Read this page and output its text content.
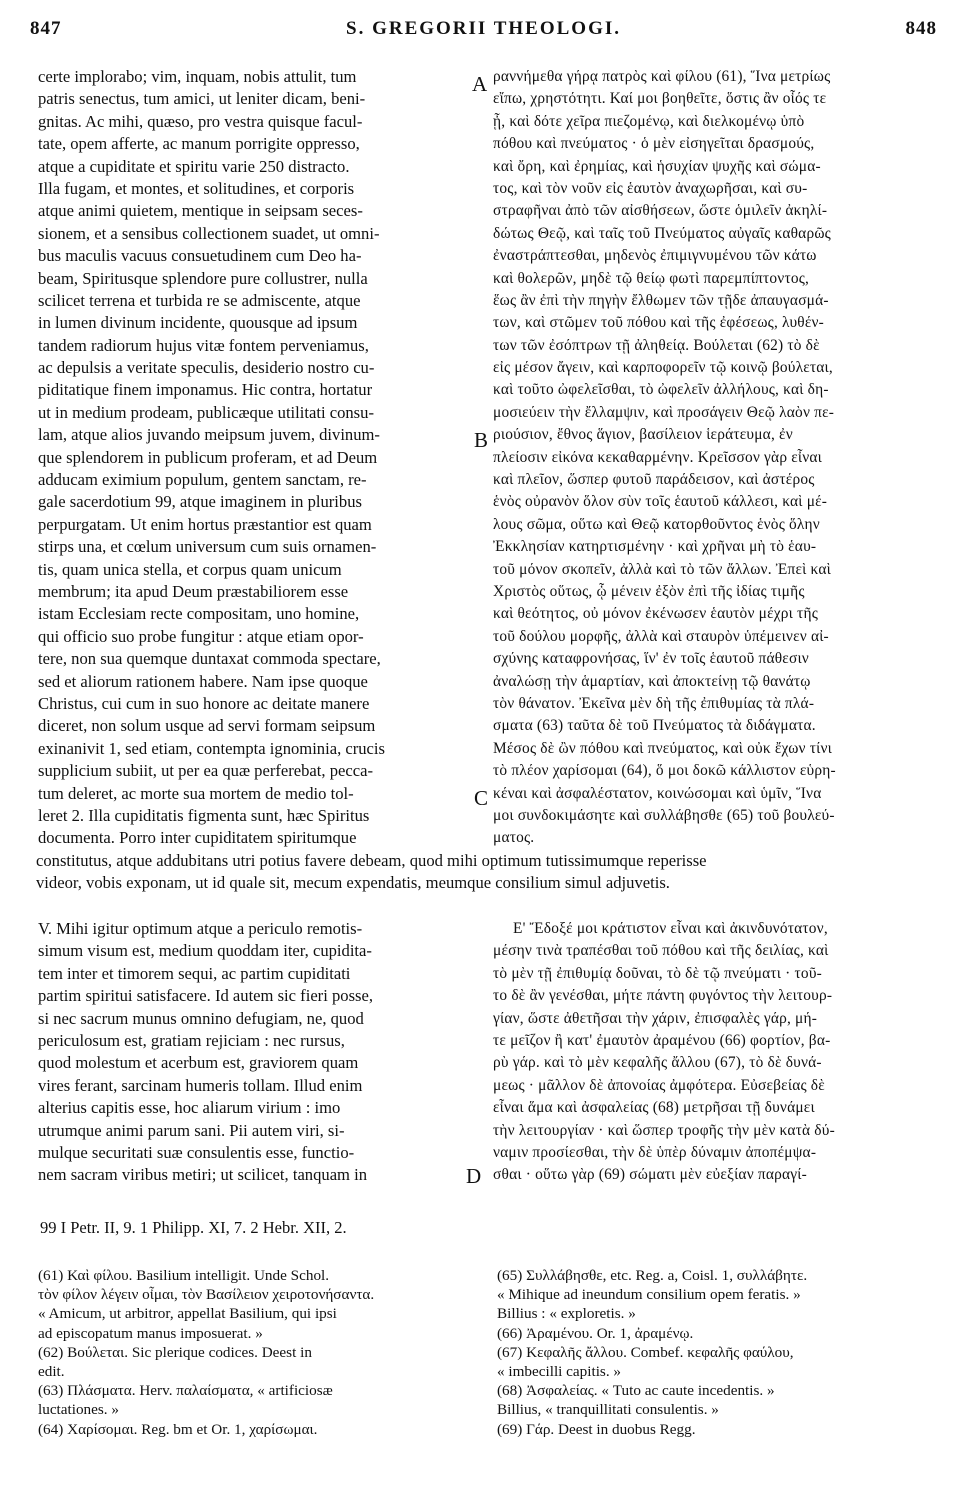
847	S. GREGORII THEOLOGI.	848
certe implorabo; vim, inquam, nobis attulit, tum
patris senectus, tum amici, ut leniter dicam, beni-
gnitas. Ac mihi, quæso, pro vestra quisque facul-
tate, opem afferte, ac manum porrigite oppresso,
atque a cupiditate et spiritu varie 250 distracto.
Illa fugam, et montes, et solitudines, et corporis
atque animi quietem, mentique in seipsam seces-
sionem, et a sensibus collectionem suadet, ut omni-
bus maculis vacuus consuetudinem cum Deo ha-
beam, Spiritusque splendore pure collustrer, nulla
scilicet terrena et turbida re se admiscente, atque
in lumen divinum incidente, quousque ad ipsum
tandem radiorum hujus vitæ fontem perveniamus,
ac depulsis a veritate speculis, desiderio nostro cu-
piditatique finem imponamus. Hic contra, hortatur
ut in medium prodeam, publicæque utilitati consu-
lam, atque alios juvando meipsum juvem, divinum-
que splendorem in publicum proferam, et ad Deum
adducam eximium populum, gentem sanctam, re-
gale sacerdotium 99, atque imaginem in pluribus
perpurgatam. Ut enim hortus præstantior est quam
stirps una, et cœlum universum cum suis ornamen-
tis, quam unica stella, et corpus quam unicum
membrum; ita apud Deum præstabiliorem esse
istam Ecclesiam recte compositam, uno homine,
qui officio suo probe fungitur : atque etiam opor-
tere, non sua quemque duntaxat commoda spectare,
sed et aliorum rationem habere. Nam ipse quoque
Christus, cui cum in suo honore ac deitate manere
diceret, non solum usque ad servi formam seipsum
exinanivit 1, sed etiam, contempta ignominia, crucis
supplicium subiit, ut per ea quæ perferebat, pecca-
tum deleret, ac morte sua mortem de medio tol-
leret 2. Illa cupiditatis figmenta sunt, hæc Spiritus
documenta. Porro inter cupiditatem spiritumque
ραννήμεθα γήρᾳ πατρὸς καὶ φίλου (61), Ἵνα μετρίως
εἴπω, χρηστότητι. Καί μοι βοηθεῖτε, ὅστις ἂν οἷός τε
ᾖ, καὶ δότε χεῖρα πιεζομένῳ, καὶ διελκομένῳ ὑπὸ
πόθου καὶ πνεύματος · ὁ μὲν εἰσηγεῖται δρασμούς,
καὶ ὄρη, καὶ ἐρημίας, καὶ ἡσυχίαν ψυχῆς καὶ σώμα-
τος, καὶ τὸν νοῦν εἰς ἑαυτὸν ἀναχωρῆσαι, καὶ συ-
στραφῆναι ἀπὸ τῶν αἰσθήσεων, ὥστε ὁμιλεῖν ἀκηλί-
δώτως Θεῷ, καὶ ταῖς τοῦ Πνεύματος αὐγαῖς καθαρῶς
ἐναστράπτεσθαι, μηδενὸς ἐπιμιγνυμένου τῶν κάτω
καὶ θολερῶν, μηδὲ τῷ θείῳ φωτὶ παρεμπίπτοντος,
ἕως ἂν ἐπὶ τὴν πηγὴν ἔλθωμεν τῶν τῇδε ἀπαυγασμά-
των, καὶ στῶμεν τοῦ πόθου καὶ τῆς ἐφέσεως, λυθέν-
των τῶν ἐσόπτρων τῇ ἀληθείᾳ. Βούλεται (62) τὸ δὲ
εἰς μέσον ἄγειν, καὶ καρποφορεῖν τῷ κοινῷ βούλεται,
καὶ τοῦτο ὠφελεῖσθαι, τὸ ὠφελεῖν ἀλλήλους, καὶ δη-
μοσιεύειν τὴν ἔλλαμψιν, καὶ προσάγειν Θεῷ λαὸν πε-
ριούσιον, ἔθνος ἅγιον, βασίλειον ἱεράτευμα, ἐν
πλείοσιν εἰκόνα κεκαθαρμένην. Κρεῖσσον γὰρ εἶναι
καὶ πλεῖον, ὥσπερ φυτοῦ παράδεισον, καὶ ἀστέρος
ἑνὸς οὐρανὸν ὅλον σὺν τοῖς ἑαυτοῦ κάλλεσι, καὶ μέ-
λους σῶμα, οὕτω καὶ Θεῷ κατορθοῦντος ἑνὸς ὅλην
Ἐκκλησίαν κατηρτισμένην · καὶ χρῆναι μὴ τὸ ἑαυ-
τοῦ μόνον σκοπεῖν, ἀλλὰ καὶ τὸ τῶν ἄλλων. Ἐπεὶ καὶ
Χριστὸς οὕτως, ᾧ μένειν ἐξὸν ἐπὶ τῆς ἰδίας τιμῆς
καὶ θεότητος, οὐ μόνον ἐκένωσεν ἑαυτὸν μέχρι τῆς
τοῦ δούλου μορφῆς, ἀλλὰ καὶ σταυρὸν ὑπέμεινεν αἰ-
σχύνης καταφρονήσας, ἵν' ἐν τοῖς ἑαυτοῦ πάθεσιν
ἀναλώσῃ τὴν ἁμαρτίαν, καὶ ἀποκτείνῃ τῷ θανάτῳ
τὸν θάνατον. Ἐκεῖνα μὲν δὴ τῆς ἐπιθυμίας τὰ πλά-
σματα (63) ταῦτα δὲ τοῦ Πνεύματος τὰ διδάγματα.
Μέσος δὲ ὢν πόθου καὶ πνεύματος, καὶ οὐκ ἔχων τίνι
τὸ πλέον χαρίσομαι (64), ὅ μοι δοκῶ κάλλιστον εὑρη-
κέναι καὶ ἀσφαλέστατον, κοινώσομαι καὶ ὑμῖν, Ἵνα
μοι συνδοκιμάσητε καὶ συλλάβησθε (65) τοῦ βουλεύ-
ματος.
A
B
C
D
constitutus, atque addubitans utri potius favere debeam, quod mihi optimum tutissimumque reperisse
videor, vobis exponam, ut id quale sit, mecum expendatis, meumque consilium simul adjuvetis.
V. Mihi igitur optimum atque a periculo remotis-
simum visum est, medium quoddam iter, cupidita-
tem inter et timorem sequi, ac partim cupiditati
partim spiritui satisfacere. Id autem sic fieri posse,
si nec sacrum munus omnino defugiam, ne, quod
periculosum est, gratiam rejiciam : nec rursus,
quod molestum et acerbum est, graviorem quam
vires ferant, sarcinam humeris tollam. Illud enim
alterius capitis esse, hoc aliarum virium : imo
utrumque animi parum sani. Pii autem viri, si-
mulque securitati suæ consulentis esse, functio-
nem sacram viribus metiri; ut scilicet, tanquam in
Ε' Ἔδοξέ μοι κράτιστον εἶναι καὶ ἀκινδυνότατον,
μέσην τινὰ τραπέσθαι τοῦ πόθου καὶ τῆς δειλίας, καὶ
τὸ μὲν τῇ ἐπιθυμίᾳ δοῦναι, τὸ δὲ τῷ πνεύματι · τοῦ-
το δὲ ἂν γενέσθαι, μήτε πάντη φυγόντος τὴν λειτουρ-
γίαν, ὥστε ἀθετῆσαι τὴν χάριν, ἐπισφαλὲς γάρ, μή-
τε μεῖζον ἢ κατ' ἐμαυτὸν ἀραμένου (66) φορτίον, βα-
ρὺ γάρ. καὶ τὸ μὲν κεφαλῆς ἄλλου (67), τὸ δὲ δυνά-
μεως · μᾶλλον δὲ ἀπονοίας ἀμφότερα. Εὐσεβείας δὲ
εἶναι ἅμα καὶ ἀσφαλείας (68) μετρῆσαι τῇ δυνάμει
τὴν λειτουργίαν · καὶ ὥσπερ τροφῆς τὴν μὲν κατὰ δύ-
ναμιν προσίεσθαι, τὴν δὲ ὑπὲρ δύναμιν ἀποπέμψα-
σθαι · οὕτω γὰρ (69) σώματι μὲν εὐεξίαν παραγί-
99 I Petr. II, 9. 1 Philipp. XI, 7. 2 Hebr. XII, 2.
(61) Καὶ φίλου. Basilium intelligit. Unde Schol.
τὸν φίλον λέγειν οἶμαι, τὸν Βασίλειον χειροτονήσαντα.
« Amicum, ut arbitror, appellat Basilium, qui ipsi
ad episcopatum manus imposuerat. »
(62) Βούλεται. Sic plerique codices. Deest in
edit.
(63) Πλάσματα. Herv. παλαίσματα, « artificiosæ
luctationes. »
(64) Χαρίσομαι. Reg. bm et Or. 1, χαρίσωμαι.
(65) Συλλάβησθε, etc. Reg. a, Coisl. 1, συλλάβητε.
« Mihique ad ineundum consilium opem feratis. »
Billius : « exploretis. »
(66) Ἀραμένου. Or. 1, ἀραμένῳ.
(67) Κεφαλῆς ἄλλου. Combef. κεφαλῆς φαύλου,
« imbecilli capitis. »
(68) Ἀσφαλείας. « Tuto ac caute incedentis. »
Billius, « tranquillitati consulentis. »
(69) Γάρ. Deest in duobus Regg.
